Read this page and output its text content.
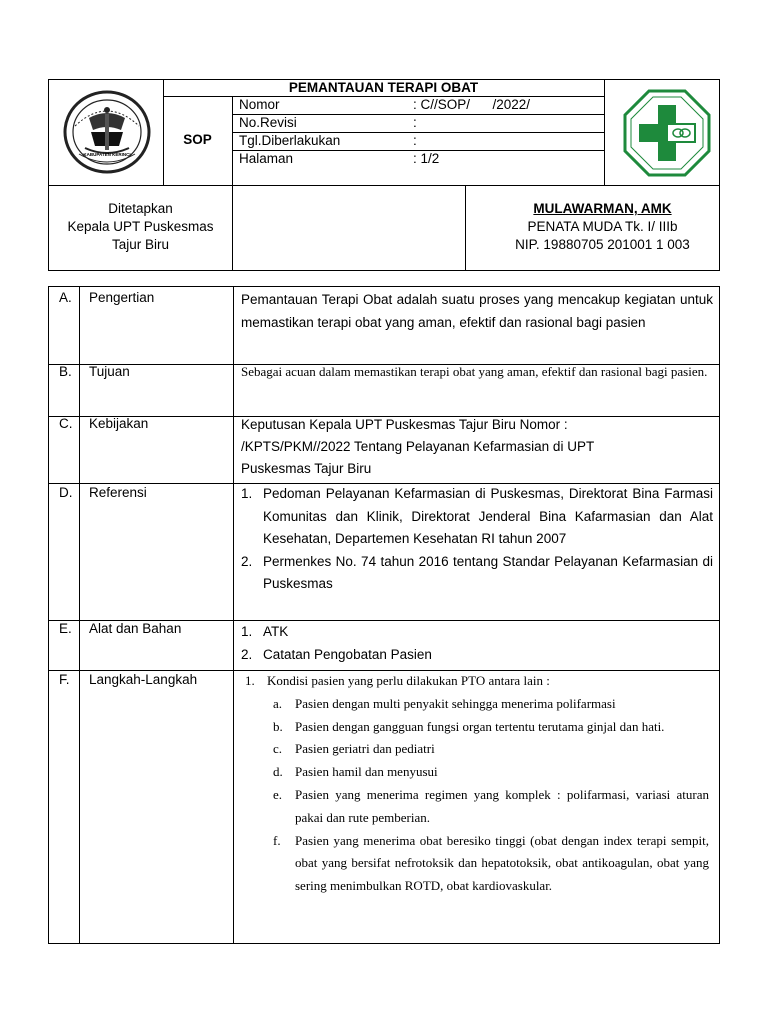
KABUPATEN KERINCI
PEMANTAUAN TERAPI OBAT
SOP
Nomor	: C//SOP/      /2022/
No.Revisi	:
Tgl.Diberlakukan	:
Halaman	: 1/2
Ditetapkan
Kepala UPT Puskesmas
Tajur Biru
MULAWARMAN, AMK
PENATA MUDA Tk. I/ IIIb
NIP. 19880705 201001 1 003
A. Pengertian	Pemantauan Terapi Obat adalah suatu proses yang mencakup kegiatan untuk memastikan terapi obat yang aman, efektif dan rasional bagi pasien
B. Tujuan	Sebagai acuan dalam memastikan terapi obat yang aman, efektif dan rasional bagi pasien.
C. Kebijakan	Keputusan Kepala UPT Puskesmas Tajur Biru Nomor :
/KPTS/PKM//2022 Tentang Pelayanan Kefarmasian di UPT
Puskesmas Tajur Biru
D. Referensi	1. Pedoman Pelayanan Kefarmasian di Puskesmas, Direktorat Bina Farmasi Komunitas dan Klinik, Direktorat Jenderal Bina Kafarmasian dan Alat Kesehatan, Departemen Kesehatan RI tahun 2007
2. Permenkes No. 74 tahun 2016 tentang Standar Pelayanan Kefarmasian di Puskesmas
E. Alat dan Bahan	1. ATK
2. Catatan Pengobatan Pasien
F. Langkah-Langkah	1. Kondisi pasien yang perlu dilakukan PTO antara lain :
a. Pasien dengan multi penyakit sehingga menerima polifarmasi
b. Pasien dengan gangguan fungsi organ tertentu terutama ginjal dan hati.
c. Pasien geriatri dan pediatri
d. Pasien hamil dan menyusui
e. Pasien yang menerima regimen yang komplek : polifarmasi, variasi aturan pakai dan rute pemberian.
f. Pasien yang menerima obat beresiko tinggi (obat dengan index terapi sempit, obat yang bersifat nefrotoksik dan hepatotoksik, obat antikoagulan, obat yang sering menimbulkan ROTD, obat kardiovaskular.
